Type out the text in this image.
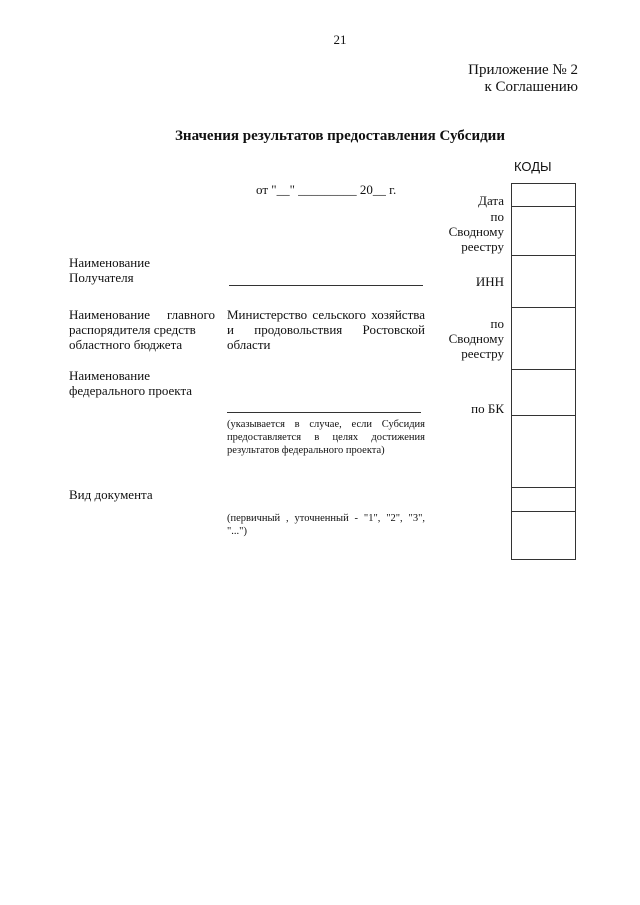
21
Приложение № 2
к Соглашению
Значения результатов предоставления Субсидии
КОДЫ
от "__" _________ 20__ г.
Дата
по
Сводному
реестру
ИНН
по
Сводному
реестру
по БК
Наименование
Получателя
Наименование главного
распорядителя средств
областного бюджета
Министерство сельского хозяйства
и продовольствия Ростовской
области
Наименование
федерального проекта
(указывается в случае, если Субсидия
предоставляется в целях достижения
результатов федерального проекта)
Вид документа
(первичный , уточненный - "1", "2", "3",
"...")
